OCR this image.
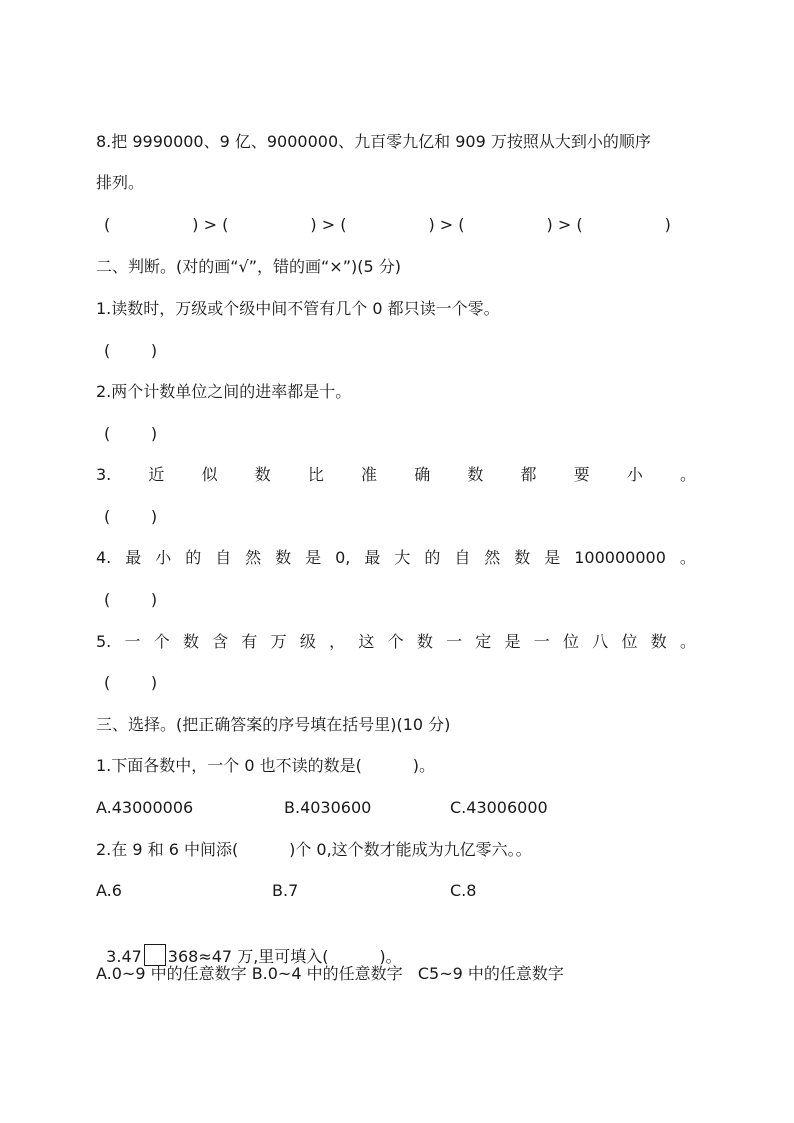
8.把 9990000、9 亿、9000000、九百零九亿和 909 万按照从大到小的顺序
排列。
(	) > (	) > (	) > (	) > (	)
二、判断。(对的画“√”，错的画“×”)(5 分)
1.读数时，万级或个级中间不管有几个 0 都只读一个零。
(        )
2.两个计数单位之间的进率都是十。
(        )
3. 近 似 数 比 准 确 数 都 要 小 。
(        )
4. 最 小 的 自 然 数 是 0, 最 大 的 自 然 数 是 100000000 。
(        )
5. 一 个 数 含 有 万 级 ， 这 个 数 一 定 是 一 位 八 位 数 。
(        )
三、选择。(把正确答案的序号填在括号里)(10 分)
1.下面各数中，一个 0 也不读的数是(          )。
A.43000006	B.4030600	C.43006000
2.在 9 和 6 中间添(          )个 0,这个数才能成为九亿零六。。
A.6	B.7	C.8

3.47 368≈47 万,里可填入(          )。

A.0~9 中的任意数字 B.0~4 中的任意数字   C5~9 中的任意数字
